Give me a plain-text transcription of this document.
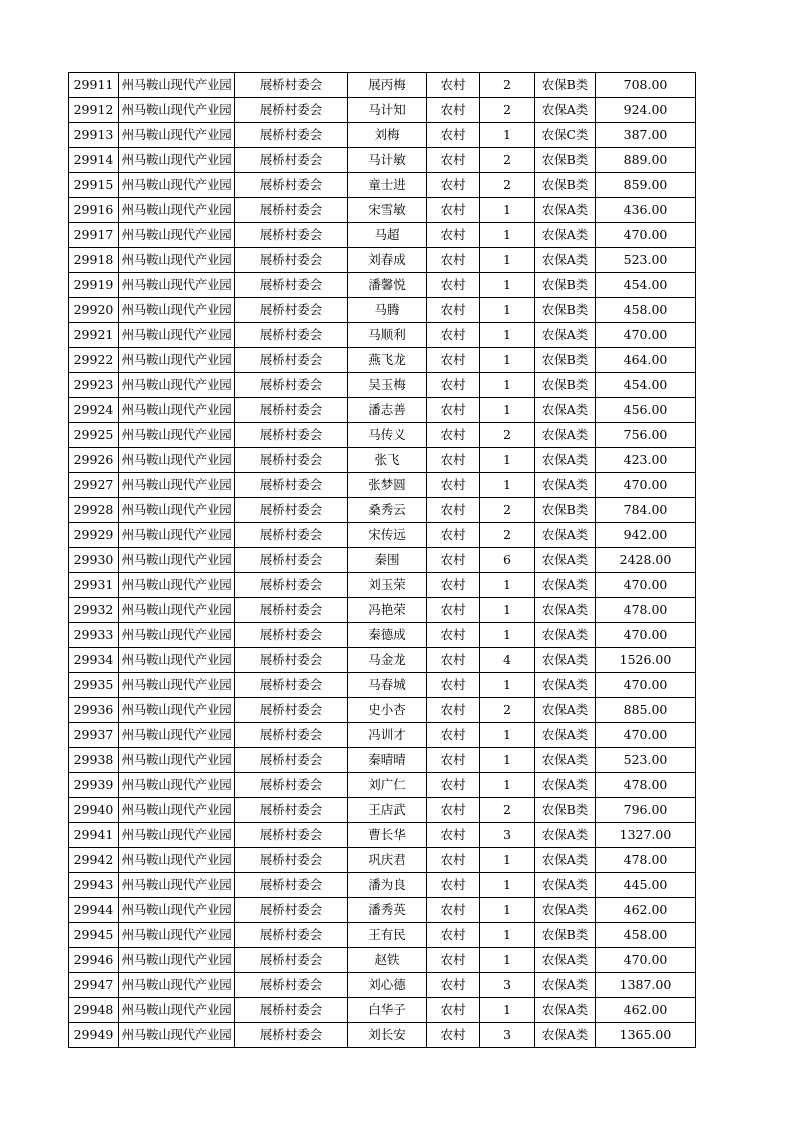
29911	州马鞍山现代产业园	展桥村委会	展丙梅	农村	2	农保B类	708.00
29912	州马鞍山现代产业园	展桥村委会	马计知	农村	2	农保A类	924.00
29913	州马鞍山现代产业园	展桥村委会	刘梅	农村	1	农保C类	387.00
29914	州马鞍山现代产业园	展桥村委会	马计敏	农村	2	农保B类	889.00
29915	州马鞍山现代产业园	展桥村委会	童士进	农村	2	农保B类	859.00
29916	州马鞍山现代产业园	展桥村委会	宋雪敏	农村	1	农保A类	436.00
29917	州马鞍山现代产业园	展桥村委会	马超	农村	1	农保A类	470.00
29918	州马鞍山现代产业园	展桥村委会	刘春成	农村	1	农保A类	523.00
29919	州马鞍山现代产业园	展桥村委会	潘馨悦	农村	1	农保B类	454.00
29920	州马鞍山现代产业园	展桥村委会	马腾	农村	1	农保B类	458.00
29921	州马鞍山现代产业园	展桥村委会	马顺利	农村	1	农保A类	470.00
29922	州马鞍山现代产业园	展桥村委会	燕飞龙	农村	1	农保B类	464.00
29923	州马鞍山现代产业园	展桥村委会	吴玉梅	农村	1	农保B类	454.00
29924	州马鞍山现代产业园	展桥村委会	潘志善	农村	1	农保A类	456.00
29925	州马鞍山现代产业园	展桥村委会	马传义	农村	2	农保A类	756.00
29926	州马鞍山现代产业园	展桥村委会	张飞	农村	1	农保A类	423.00
29927	州马鞍山现代产业园	展桥村委会	张梦圆	农村	1	农保A类	470.00
29928	州马鞍山现代产业园	展桥村委会	桑秀云	农村	2	农保B类	784.00
29929	州马鞍山现代产业园	展桥村委会	宋传远	农村	2	农保A类	942.00
29930	州马鞍山现代产业园	展桥村委会	秦围	农村	6	农保A类	2428.00
29931	州马鞍山现代产业园	展桥村委会	刘玉荣	农村	1	农保A类	470.00
29932	州马鞍山现代产业园	展桥村委会	冯艳荣	农村	1	农保A类	478.00
29933	州马鞍山现代产业园	展桥村委会	秦德成	农村	1	农保A类	470.00
29934	州马鞍山现代产业园	展桥村委会	马金龙	农村	4	农保A类	1526.00
29935	州马鞍山现代产业园	展桥村委会	马春城	农村	1	农保A类	470.00
29936	州马鞍山现代产业园	展桥村委会	史小杏	农村	2	农保A类	885.00
29937	州马鞍山现代产业园	展桥村委会	冯训才	农村	1	农保A类	470.00
29938	州马鞍山现代产业园	展桥村委会	秦晴晴	农村	1	农保A类	523.00
29939	州马鞍山现代产业园	展桥村委会	刘广仁	农村	1	农保A类	478.00
29940	州马鞍山现代产业园	展桥村委会	王店武	农村	2	农保B类	796.00
29941	州马鞍山现代产业园	展桥村委会	曹长华	农村	3	农保A类	1327.00
29942	州马鞍山现代产业园	展桥村委会	巩庆君	农村	1	农保A类	478.00
29943	州马鞍山现代产业园	展桥村委会	潘为良	农村	1	农保A类	445.00
29944	州马鞍山现代产业园	展桥村委会	潘秀英	农村	1	农保A类	462.00
29945	州马鞍山现代产业园	展桥村委会	王有民	农村	1	农保B类	458.00
29946	州马鞍山现代产业园	展桥村委会	赵铁	农村	1	农保A类	470.00
29947	州马鞍山现代产业园	展桥村委会	刘心德	农村	3	农保A类	1387.00
29948	州马鞍山现代产业园	展桥村委会	白华子	农村	1	农保A类	462.00
29949	州马鞍山现代产业园	展桥村委会	刘长安	农村	3	农保A类	1365.00
